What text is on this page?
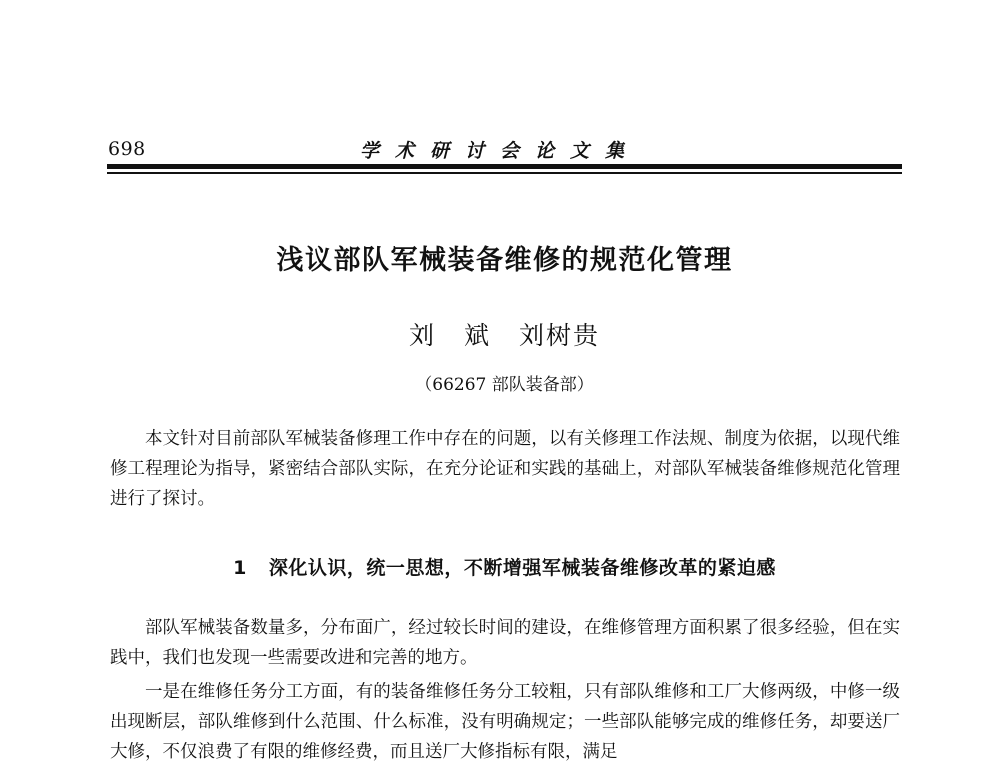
698	学术研讨会论文集
浅议部队军械装备维修的规范化管理
刘 斌 刘树贵
（66267 部队装备部）
本文针对目前部队军械装备修理工作中存在的问题，以有关修理工作法规、制度为依据，以现代维修工程理论为指导，紧密结合部队实际，在充分论证和实践的基础上，对部队军械装备维修规范化管理进行了探讨。
1 深化认识，统一思想，不断增强军械装备维修改革的紧迫感
部队军械装备数量多，分布面广，经过较长时间的建设，在维修管理方面积累了很多经验，但在实践中，我们也发现一些需要改进和完善的地方。
一是在维修任务分工方面，有的装备维修任务分工较粗，只有部队维修和工厂大修两级，中修一级出现断层，部队维修到什么范围、什么标准，没有明确规定；一些部队能够完成的维修任务，却要送厂大修，不仅浪费了有限的维修经费，而且送厂大修指标有限，满足
